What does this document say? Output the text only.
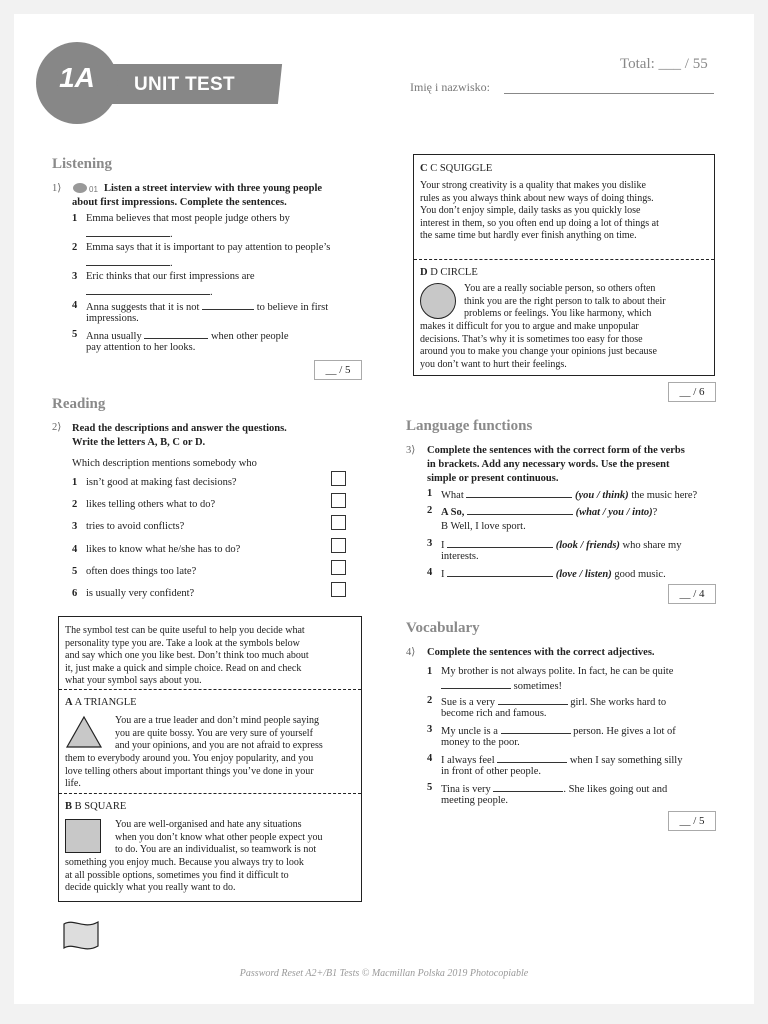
1A	UNIT TEST
Total: ___ / 55
Imię i nazwisko:
Listening
1⟩	01 Listen a street interview with three young people
about first impressions. Complete the sentences.
1 Emma believes that most people judge others by
.
2 Emma says that it is important to pay attention to people’s
.
3 Eric thinks that our first impressions are
.
4 Anna suggests that it is not	to believe in first
impressions.
5 Anna usually	when other people
pay attention to her looks.
__ / 5
Reading
2⟩ Read the descriptions and answer the questions.
Write the letters A, B, C or D.
Which description mentions somebody who
1 isn’t good at making fast decisions?
2 likes telling others what to do?
3 tries to avoid conflicts?
4 likes to know what he/she has to do?
5 often does things too late?
6 is usually very confident?
The symbol test can be quite useful to help you decide what
personality type you are. Take a look at the symbols below
and say which one you like best. Don’t think too much about
it, just make a quick and simple choice. Read on and check
what your symbol says about you.
A A TRIANGLE
You are a true leader and don’t mind people saying
you are quite bossy. You are very sure of yourself
and your opinions, and you are not afraid to express
them to everybody around you. You enjoy popularity, and you
love telling others about important things you’ve done in your
life.
B B SQUARE
You are well-organised and hate any situations
when you don’t know what other people expect you
to do. You are an individualist, so teamwork is not
something you enjoy much. Because you always try to look
at all possible options, sometimes you find it difficult to
decide quickly what you really want to do.
C C SQUIGGLE
Your strong creativity is a quality that makes you dislike
rules as you always think about new ways of doing things.
You don’t enjoy simple, daily tasks as you quickly lose
interest in them, so you often end up doing a lot of things at
the same time but hardly ever finish anything on time.
D D CIRCLE
You are a really sociable person, so others often
think you are the right person to talk to about their
problems or feelings. You like harmony, which
makes it difficult for you to argue and make unpopular
decisions. That’s why it is sometimes too easy for those
around you to make you change your opinions just because
you don’t want to hurt their feelings.
__ / 6
Language functions
3⟩ Complete the sentences with the correct form of the verbs
in brackets. Add any necessary words. Use the present
simple or present continuous.
1 What	(you / think) the music here?
2 A So,	(what / you / into)?
B Well, I love sport.
3 I	(look / friends) who share my
interests.
4 I	(love / listen) good music.
__ / 4
Vocabulary
4⟩ Complete the sentences with the correct adjectives.
1 My brother is not always polite. In fact, he can be quite
sometimes!
2 Sue is a very	girl. She works hard to
become rich and famous.
3 My uncle is a	person. He gives a lot of
money to the poor.
4 I always feel	when I say something silly
in front of other people.
5 Tina is very	. She likes going out and
meeting people.
__ / 5
Password Reset A2+/B1 Tests © Macmillan Polska 2019 Photocopiable
